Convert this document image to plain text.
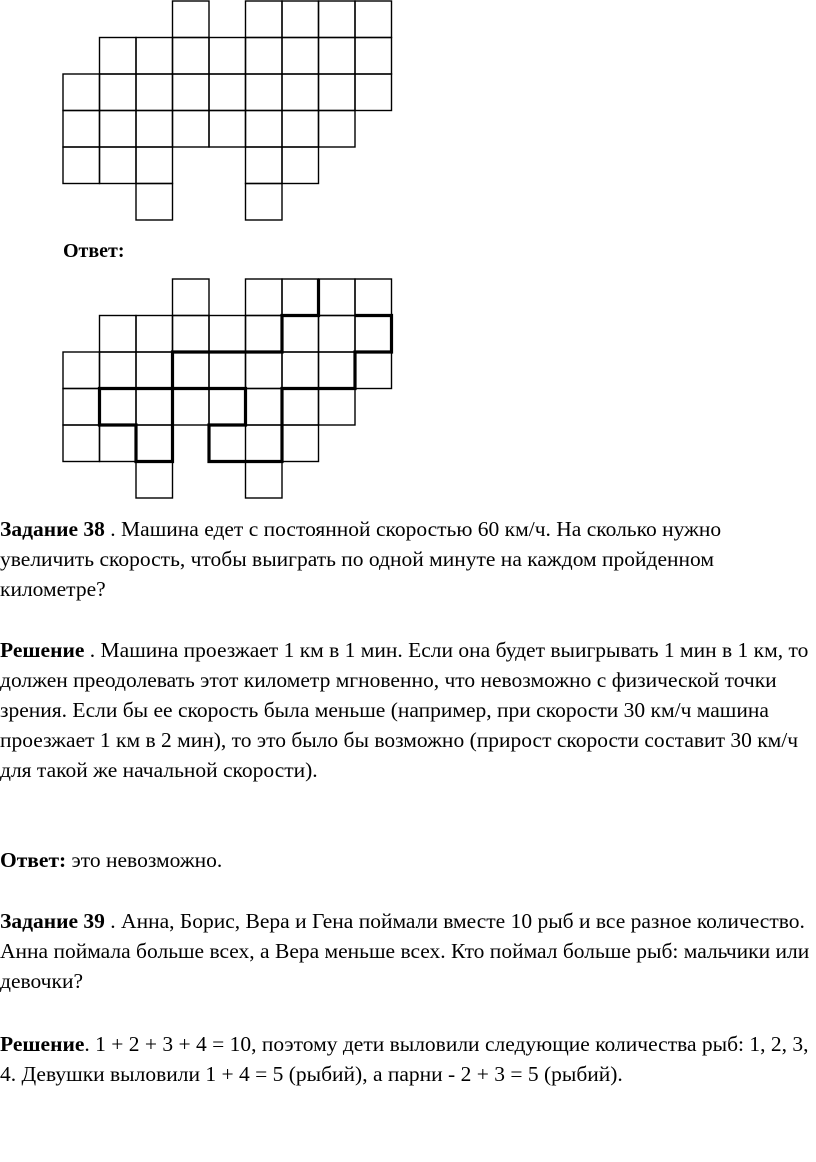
Ответ:

Задание 38 . Машина едет с постоянной скоростью 60 км/ч. На сколько нужно увеличить скорость, чтобы выиграть по одной минуте на каждом пройденном километре?

Решение . Машина проезжает 1 км в 1 мин. Если она будет выигрывать 1 мин в 1 км, то должен преодолевать этот километр мгновенно, что невозможно с физической точки зрения. Если бы ее скорость была меньше (например, при скорости 30 км/ч машина проезжает 1 км в 2 мин), то это было бы возможно (прирост скорости составит 30 км/ч для такой же начальной скорости).

Ответ: это невозможно.

Задание 39 . Анна, Борис, Вера и Гена поймали вместе 10 рыб и все разное количество. Анна поймала больше всех, а Вера меньше всех. Кто поймал больше рыб: мальчики или девочки?

Решение. 1 + 2 + 3 + 4 = 10, поэтому дети выловили следующие количества рыб: 1, 2, 3, 4. Девушки выловили 1 + 4 = 5 (рыбий), а парни - 2 + 3 = 5 (рыбий).
